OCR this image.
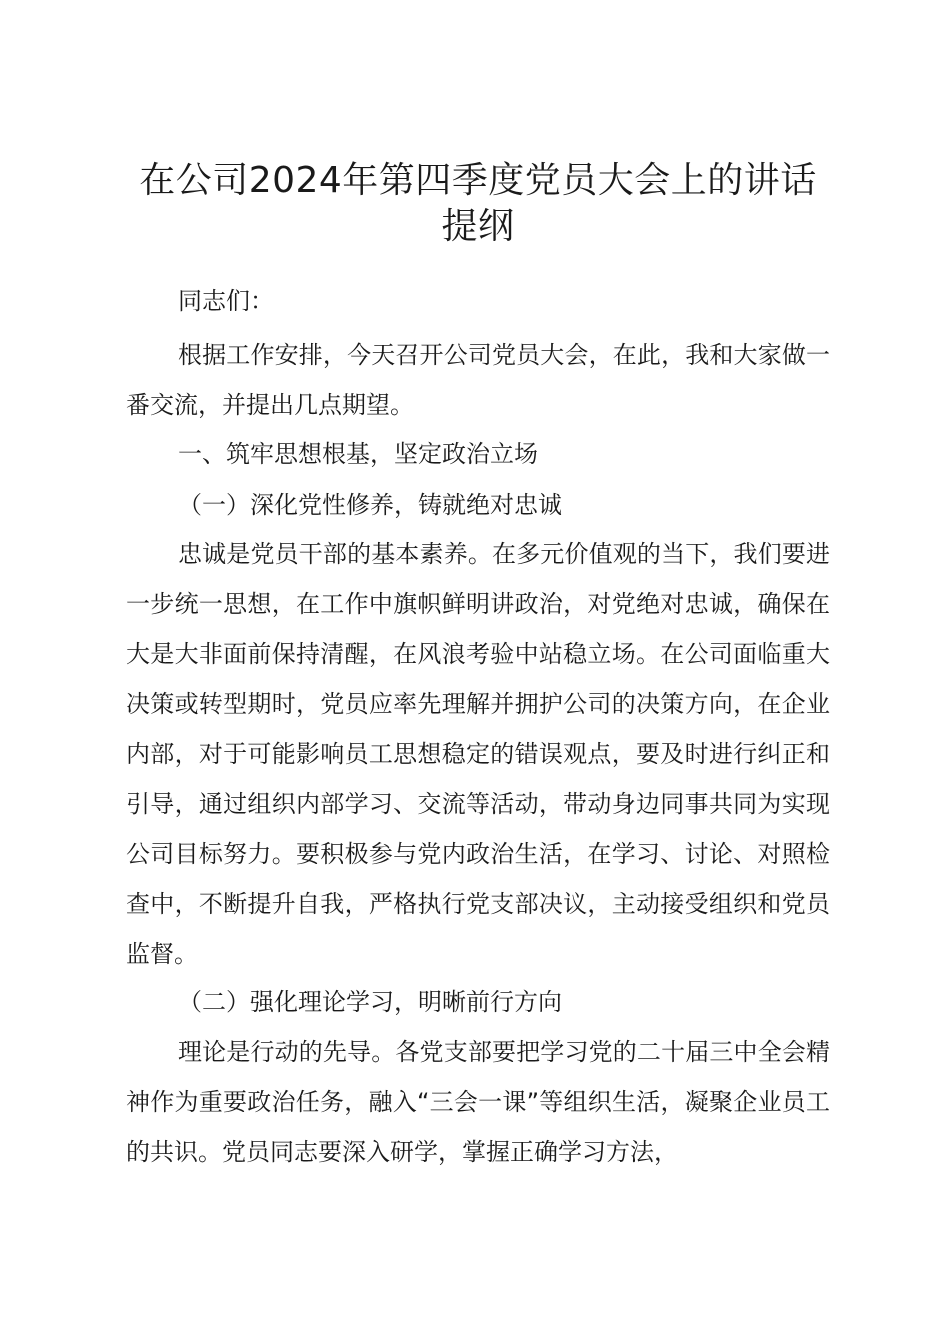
在公司2024年第四季度党员大会上的讲话提纲

同志们：

根据工作安排，今天召开公司党员大会，在此，我和大家做一番交流，并提出几点期望。

一、筑牢思想根基，坚定政治立场

（一）深化党性修养，铸就绝对忠诚

忠诚是党员干部的基本素养。在多元价值观的当下，我们要进一步统一思想，在工作中旗帜鲜明讲政治，对党绝对忠诚，确保在大是大非面前保持清醒，在风浪考验中站稳立场。在公司面临重大决策或转型期时，党员应率先理解并拥护公司的决策方向，在企业内部，对于可能影响员工思想稳定的错误观点，要及时进行纠正和引导，通过组织内部学习、交流等活动，带动身边同事共同为实现公司目标努力。要积极参与党内政治生活，在学习、讨论、对照检查中，不断提升自我，严格执行党支部决议，主动接受组织和党员监督。

（二）强化理论学习，明晰前行方向

理论是行动的先导。各党支部要把学习党的二十届三中全会精神作为重要政治任务，融入“三会一课”等组织生活，凝聚企业员工的共识。党员同志要深入研学，掌握正确学习方法，
